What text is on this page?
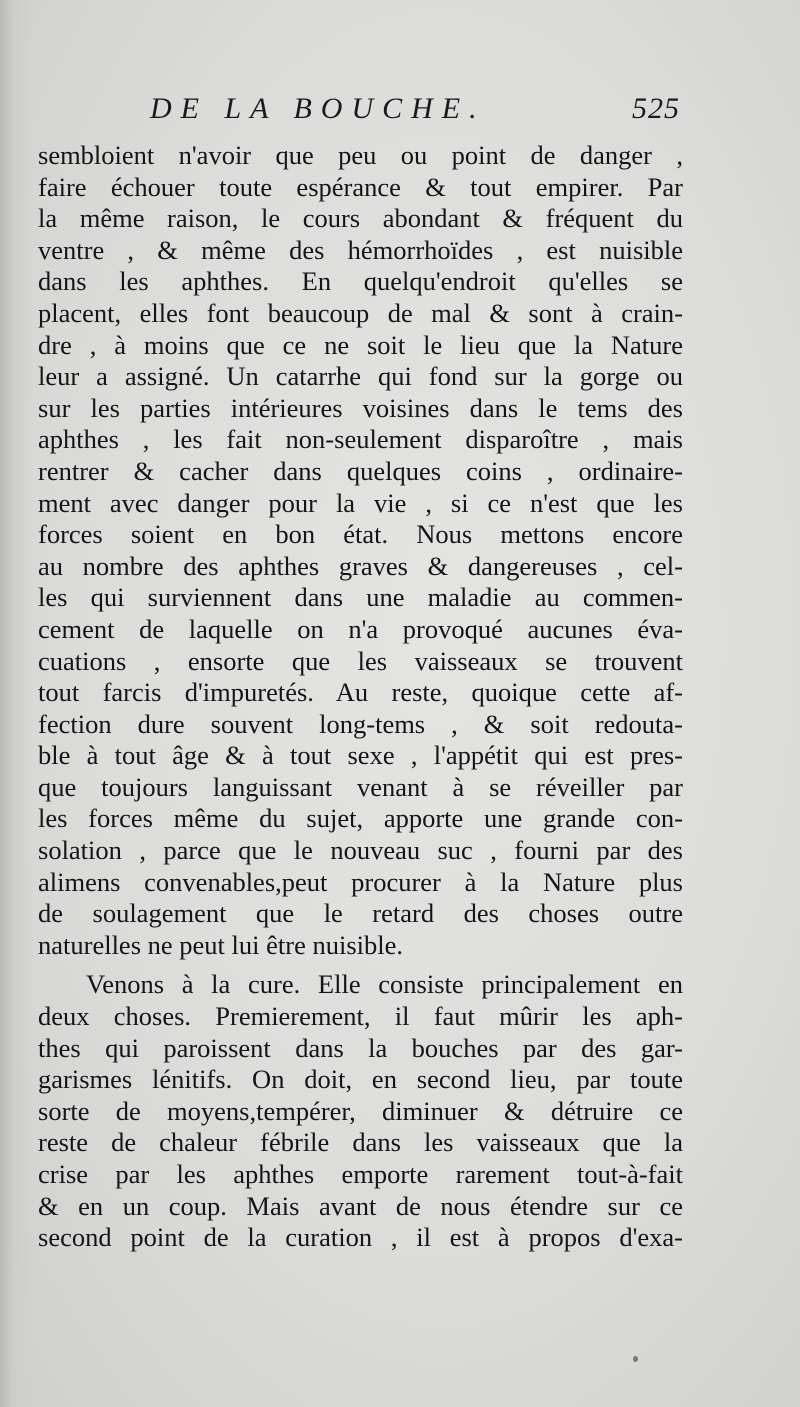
DE LA BOUCHE.	525
sembloient n'avoir que peu ou point de danger ,
faire échouer toute espérance & tout empirer. Par
la même raison, le cours abondant & fréquent du
ventre , & même des hémorrhoïdes , est nuisible
dans les aphthes. En quelqu'endroit qu'elles se
placent, elles font beaucoup de mal & sont à crain-
dre , à moins que ce ne soit le lieu que la Nature
leur a assigné. Un catarrhe qui fond sur la gorge ou
sur les parties intérieures voisines dans le tems des
aphthes , les fait non-seulement disparoître , mais
rentrer & cacher dans quelques coins , ordinaire-
ment avec danger pour la vie , si ce n'est que les
forces soient en bon état. Nous mettons encore
au nombre des aphthes graves & dangereuses , cel-
les qui surviennent dans une maladie au commen-
cement de laquelle on n'a provoqué aucunes éva-
cuations , ensorte que les vaisseaux se trouvent
tout farcis d'impuretés. Au reste, quoique cette af-
fection dure souvent long-tems , & soit redouta-
ble à tout âge & à tout sexe , l'appétit qui est pres-
que toujours languissant venant à se réveiller par
les forces même du sujet, apporte une grande con-
solation , parce que le nouveau suc , fourni par des
alimens convenables,peut procurer à la Nature plus
de soulagement que le retard des choses outre
naturelles ne peut lui être nuisible.
Venons à la cure. Elle consiste principalement en
deux choses. Premierement, il faut mûrir les aph-
thes qui paroissent dans la bouches par des gar-
garismes lénitifs. On doit, en second lieu, par toute
sorte de moyens,tempérer, diminuer & détruire ce
reste de chaleur fébrile dans les vaisseaux que la
crise par les aphthes emporte rarement tout-à-fait
& en un coup. Mais avant de nous étendre sur ce
second point de la curation , il est à propos d'exa-
